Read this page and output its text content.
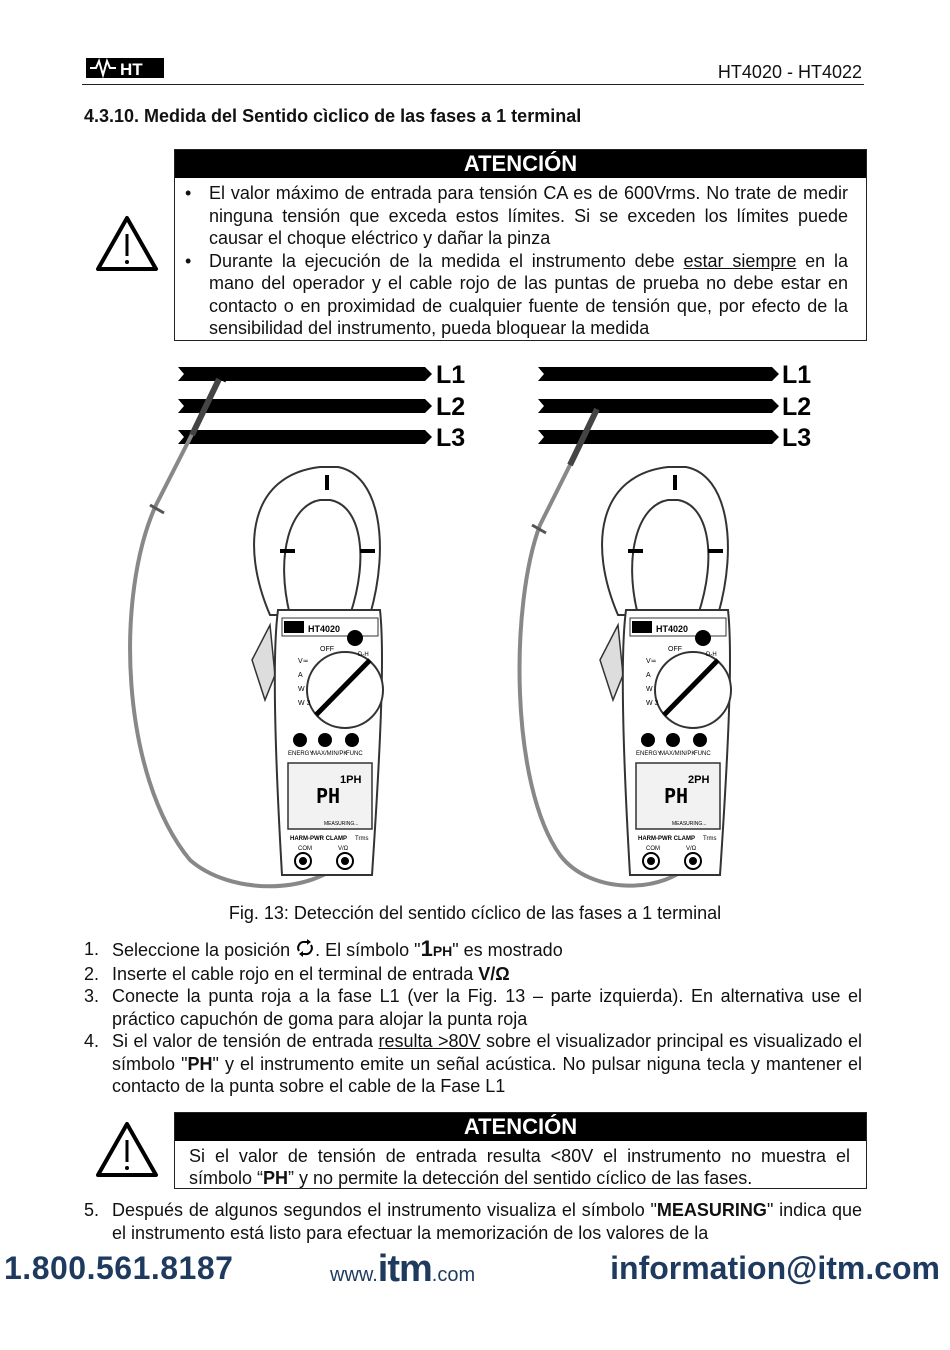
HT	HT4020 - HT4022
4.3.10. Medida del Sentido cìclico de las fases a 1 terminal
ATENCIÓN
• El valor máximo de entrada para tensión CA es de 600Vrms. No trate de medir ninguna tensión que exceda estos límites. Si se exceden los límites puede causar el choque eléctrico y dañar la pinza
• Durante la ejecución de la medida el instrumento debe estar siempre en la mano del operador y el cable rojo de las puntas de prueba no debe estar en contacto o en proximidad de cualquier fuente de tensión que, por efecto de la sensibilidad del instrumento, pueda bloquear la medida
L1
L2
L3
L1
L2
L3
HT4020
OFF
D-H
V≂
A
W
W 3
ENERGY
MAX/MIN/PK
FUNC
PH
1PH
MEASURING...
HARM-PWR CLAMP Trms
COM	V/Ω
HT4020
OFF
D-H
V≂
A
W
W 3
ENERGY
MAX/MIN/PK
FUNC
PH
2PH
MEASURING...
HARM-PWR CLAMP Trms
COM	V/Ω
Fig. 13: Detección del sentido cíclico de las fases a 1 terminal
1. Seleccione la posición . El símbolo "1PH" es mostrado
2. Inserte el cable rojo en el terminal de entrada V/Ω
3. Conecte la punta roja a la fase L1 (ver la Fig. 13 – parte izquierda). En alternativa use el práctico capuchón de goma para alojar la punta roja
4. Si el valor de tensión de entrada resulta >80V sobre el visualizador principal es visualizado el símbolo "PH" y el instrumento emite un señal acústica. No pulsar niguna tecla y mantener el contacto de la punta sobre el cable de la Fase L1
ATENCIÓN
Si el valor de tensión de entrada resulta <80V el instrumento no muestra el símbolo “PH” y no permite la detección del sentido cíclico de las fases.
5. Después de algunos segundos el instrumento visualiza el símbolo "MEASURING" indica que el instrumento está listo para efectuar la memorización de los valores de la
1.800.561.8187	www.itm.com	information@itm.com
